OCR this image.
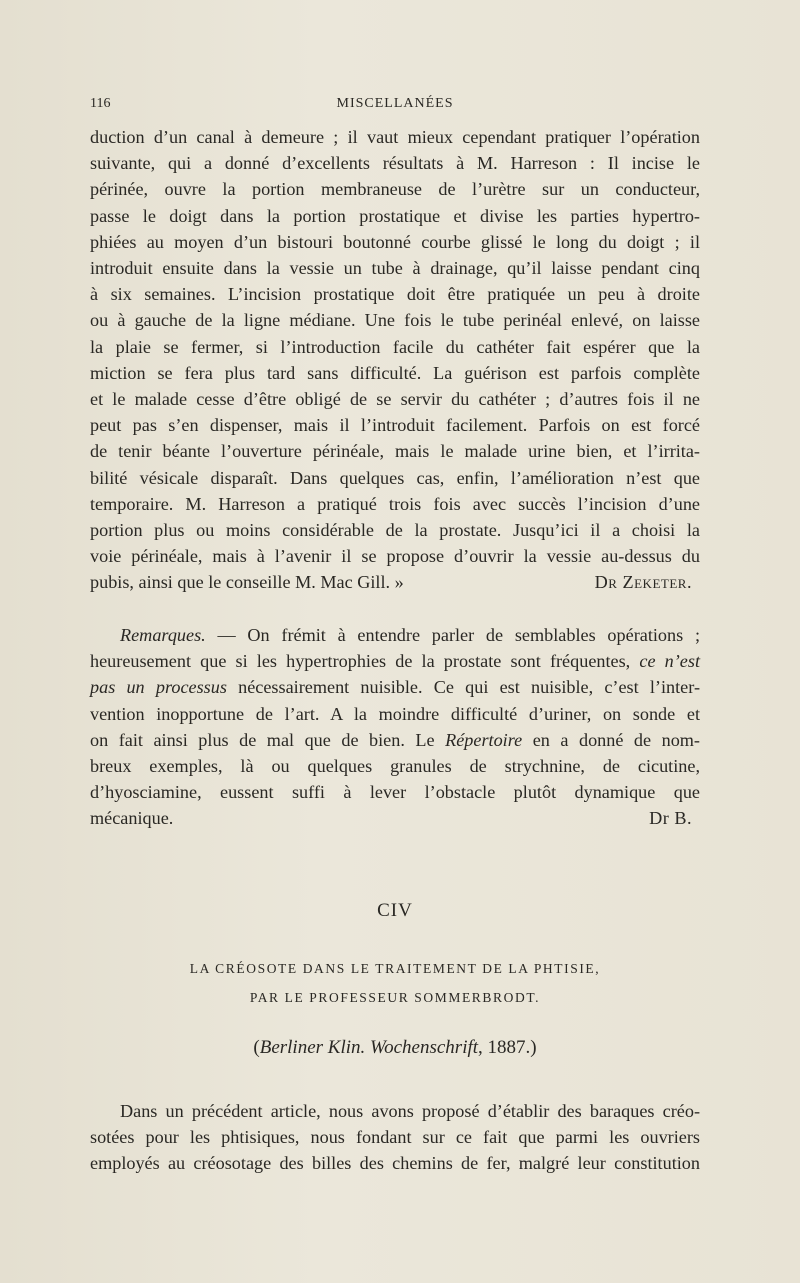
116	MISCELLANÉES
duction d’un canal à demeure ; il vaut mieux cependant pratiquer l’opération
suivante, qui a donné d’excellents résultats à M. Harreson : Il incise le
périnée, ouvre la portion membraneuse de l’urètre sur un conducteur,
passe le doigt dans la portion prostatique et divise les parties hypertro-
phiées au moyen d’un bistouri boutonné courbe glissé le long du doigt ; il
introduit ensuite dans la vessie un tube à drainage, qu’il laisse pendant cinq
à six semaines. L’incision prostatique doit être pratiquée un peu à droite
ou à gauche de la ligne médiane. Une fois le tube perinéal enlevé, on laisse
la plaie se fermer, si l’introduction facile du cathéter fait espérer que la
miction se fera plus tard sans difficulté. La guérison est parfois complète
et le malade cesse d’être obligé de se servir du cathéter ; d’autres fois il ne
peut pas s’en dispenser, mais il l’introduit facilement. Parfois on est forcé
de tenir béante l’ouverture périnéale, mais le malade urine bien, et l’irrita-
bilité vésicale disparaît. Dans quelques cas, enfin, l’amélioration n’est que
temporaire. M. Harreson a pratiqué trois fois avec succès l’incision d’une
portion plus ou moins considérable de la prostate. Jusqu’ici il a choisi la
voie périnéale, mais à l’avenir il se propose d’ouvrir la vessie au-dessus du
pubis, ainsi que le conseille M. Mac Gill. »	Dr Zeketer.
Remarques. — On frémit à entendre parler de semblables opérations ;
heureusement que si les hypertrophies de la prostate sont fréquentes, ce n’est
pas un processus nécessairement nuisible. Ce qui est nuisible, c’est l’inter-
vention inopportune de l’art. A la moindre difficulté d’uriner, on sonde et
on fait ainsi plus de mal que de bien. Le Répertoire en a donné de nom-
breux exemples, là ou quelques granules de strychnine, de cicutine,
d’hyosciamine, eussent suffi à lever l’obstacle plutôt dynamique que
mécanique.	Dr B.
CIV
LA CRÉOSOTE DANS LE TRAITEMENT DE LA PHTISIE,
PAR LE PROFESSEUR SOMMERBRODT.
(Berliner Klin. Wochenschrift, 1887.)
Dans un précédent article, nous avons proposé d’établir des baraques créo-
sotées pour les phtisiques, nous fondant sur ce fait que parmi les ouvriers
employés au créosotage des billes des chemins de fer, malgré leur constitution
